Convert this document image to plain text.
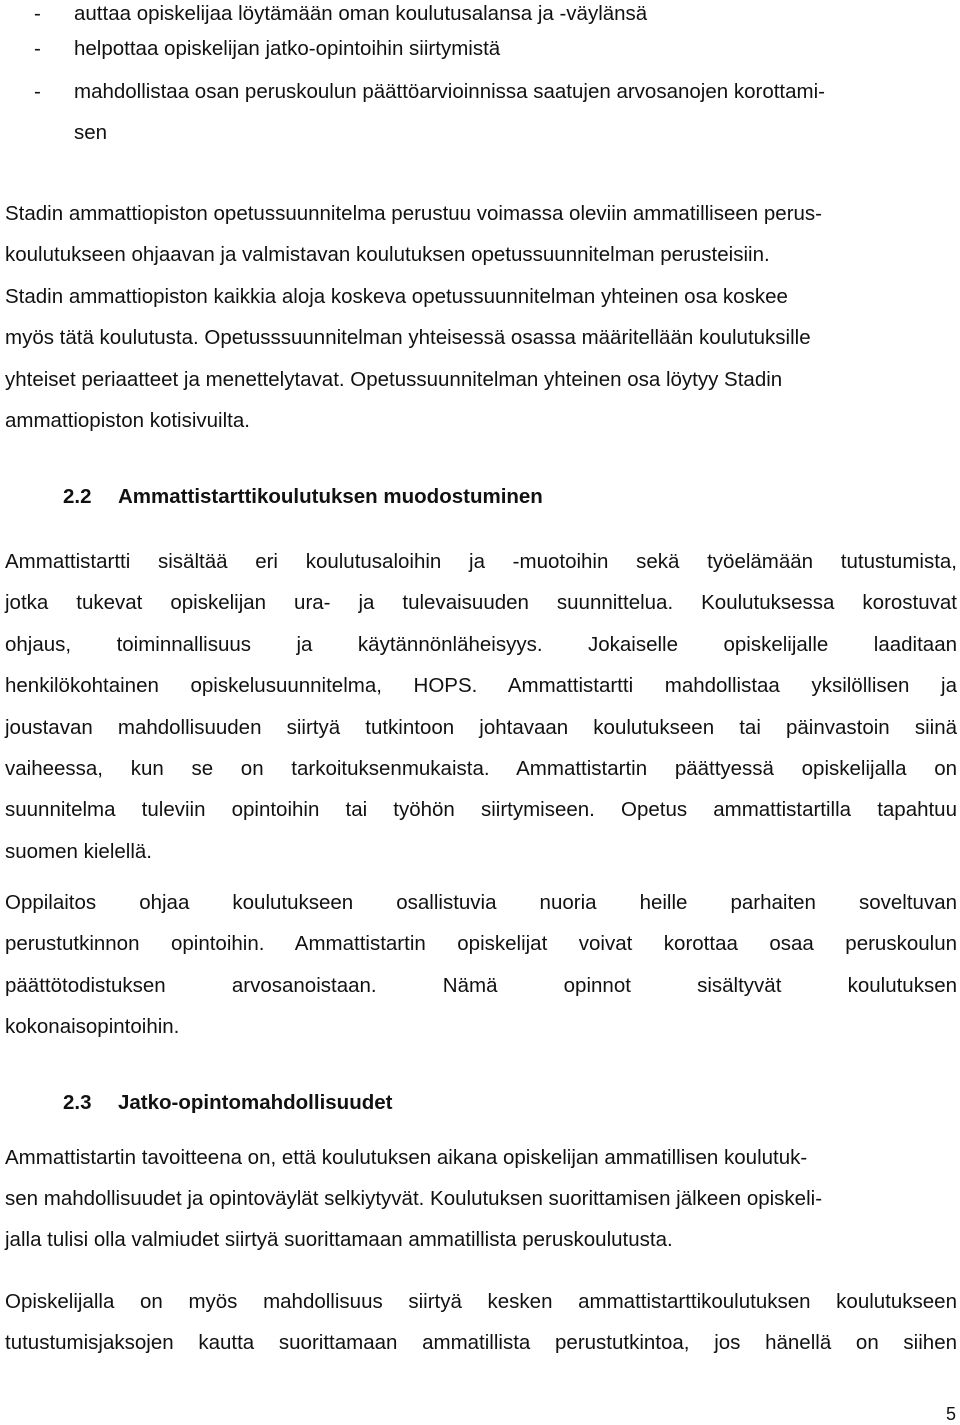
- auttaa opiskelijaa löytämään oman koulutusalansa ja -väylänsä
- helpottaa opiskelijan jatko-opintoihin siirtymistä
- mahdollistaa osan peruskoulun päättöarvioinnissa saatujen arvosanojen korottami-
sen
Stadin ammattiopiston opetussuunnitelma perustuu voimassa oleviin ammatilliseen perus-
koulutukseen ohjaavan ja valmistavan koulutuksen opetussuunnitelman perusteisiin.
Stadin ammattiopiston kaikkia aloja koskeva opetussuunnitelman yhteinen osa koskee
myös tätä koulutusta. Opetusssuunnitelman yhteisessä osassa määritellään koulutuksille
yhteiset periaatteet ja menettelytavat. Opetussuunnitelman yhteinen osa löytyy Stadin
ammattiopiston kotisivuilta.
2.2 Ammattistarttikoulutuksen muodostuminen
Ammattistartti sisältää eri koulutusaloihin ja -muotoihin sekä työelämään tutustumista,
jotka tukevat opiskelijan ura- ja tulevaisuuden suunnittelua. Koulutuksessa korostuvat
ohjaus, toiminnallisuus ja käytännönläheisyys. Jokaiselle opiskelijalle laaditaan
henkilökohtainen opiskelusuunnitelma, HOPS. Ammattistartti mahdollistaa yksilöllisen ja
joustavan mahdollisuuden siirtyä tutkintoon johtavaan koulutukseen tai päinvastoin siinä
vaiheessa, kun se on tarkoituksenmukaista. Ammattistartin päättyessä opiskelijalla on
suunnitelma tuleviin opintoihin tai työhön siirtymiseen. Opetus ammattistartilla tapahtuu
suomen kielellä.
Oppilaitos ohjaa koulutukseen osallistuvia nuoria heille parhaiten soveltuvan
perustutkinnon opintoihin. Ammattistartin opiskelijat voivat korottaa osaa peruskoulun
päättötodistuksen arvosanoistaan. Nämä opinnot sisältyvät koulutuksen
kokonaisopintoihin.
2.3 Jatko-opintomahdollisuudet
Ammattistartin tavoitteena on, että koulutuksen aikana opiskelijan ammatillisen koulutuk-
sen mahdollisuudet ja opintoväylät selkiytyvät. Koulutuksen suorittamisen jälkeen opiskeli-
jalla tulisi olla valmiudet siirtyä suorittamaan ammatillista peruskoulutusta.
Opiskelijalla on myös mahdollisuus siirtyä kesken ammattistarttikoulutuksen koulutukseen
tutustumisjaksojen kautta suorittamaan ammatillista perustutkintoa, jos hänellä on siihen
5
